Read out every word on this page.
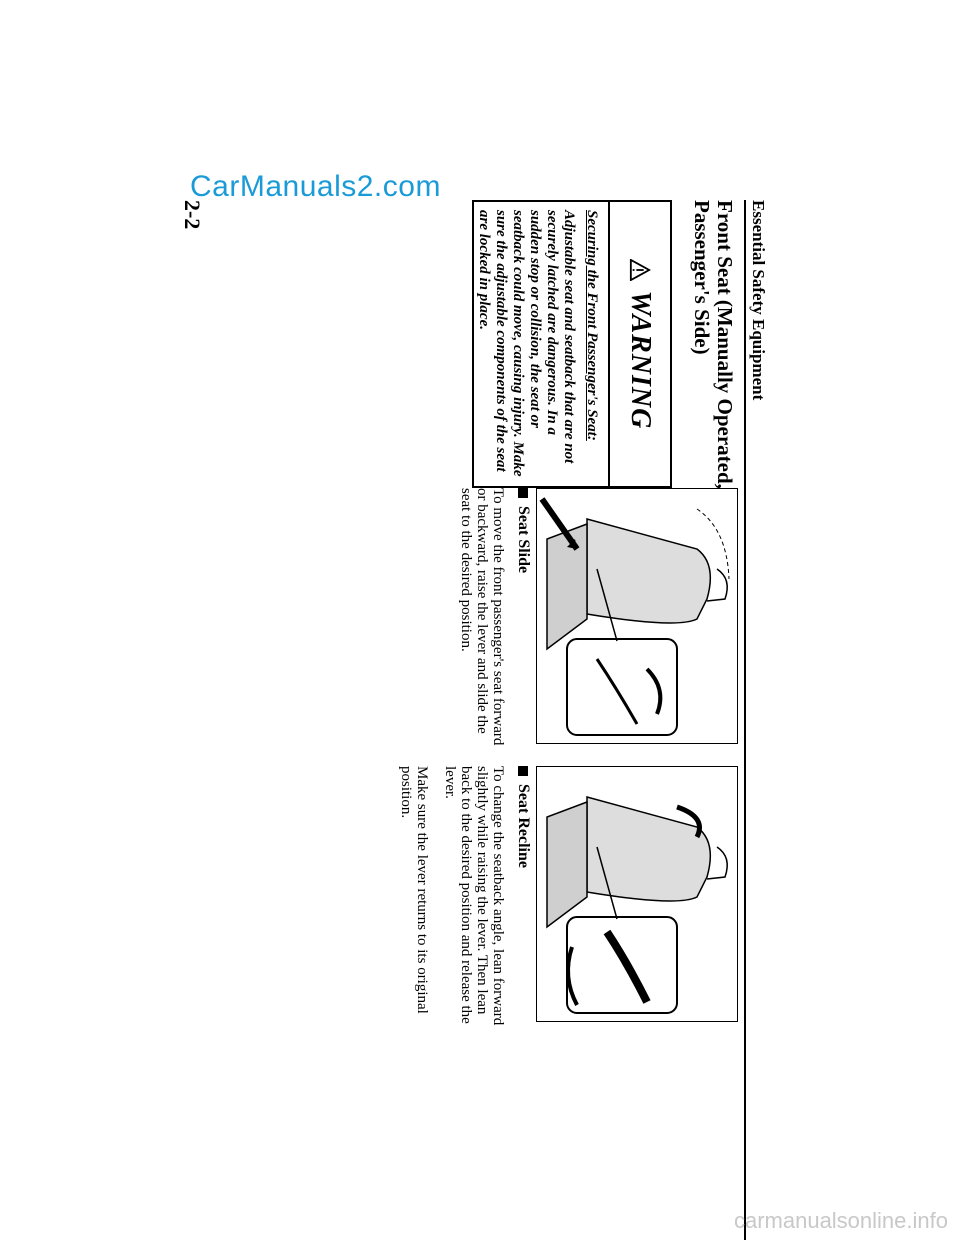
CarManuals2.com
2-2	Essential Safety Equipment
Front Seat (Manually Operated, Passenger's Side)
WARNING
Securing the Front Passenger's Seat:
Adjustable seat and seatback that are not securely latched are dangerous. In a sudden stop or collision, the seat or seatback could move, causing injury. Make sure the adjustable components of the seat are locked in place.
Seat Slide
To move the front passenger's seat forward or backward, raise the lever and slide the seat to the desired position.
Seat Recline
To change the seatback angle, lean forward slightly while raising the lever. Then lean back to the desired position and release the lever.
Make sure the lever returns to its original position.
carmanualsonline.info
